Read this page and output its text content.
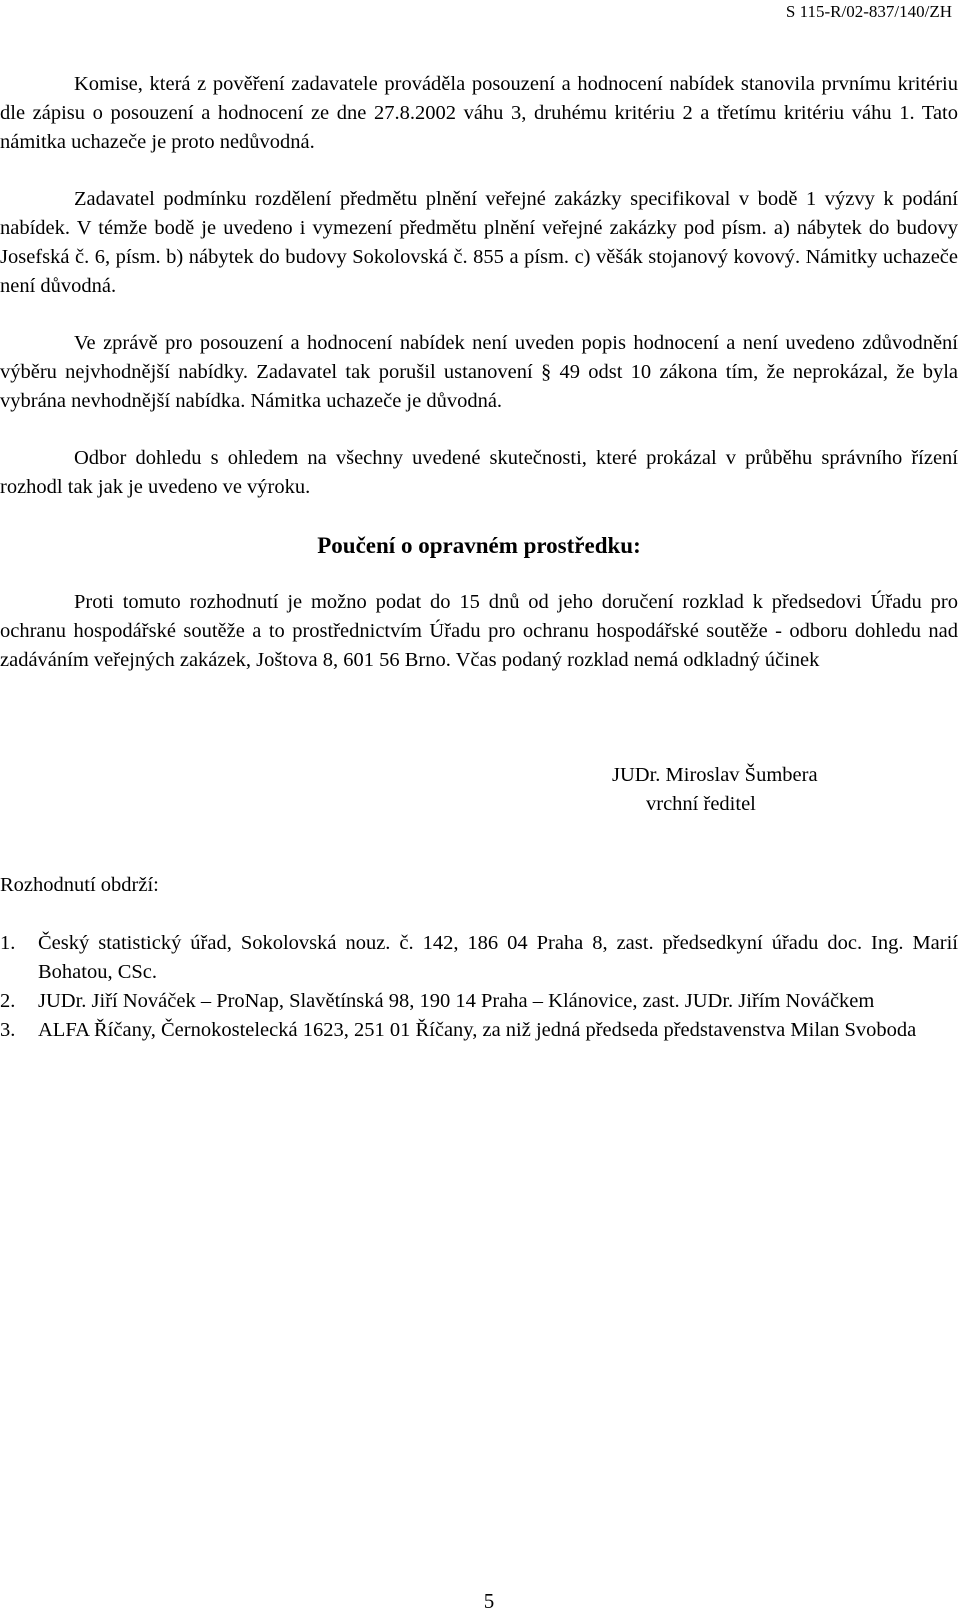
S 115-R/02-837/140/ZH

Komise, která z pověření zadavatele prováděla posouzení a hodnocení nabídek stanovila prvnímu kritériu dle zápisu o posouzení a hodnocení ze dne 27.8.2002 váhu 3, druhému kritériu 2 a třetímu kritériu váhu 1. Tato námitka uchazeče je proto nedůvodná.

Zadavatel podmínku rozdělení předmětu plnění veřejné zakázky specifikoval v bodě 1 výzvy k podání nabídek. V témže bodě je uvedeno i vymezení předmětu plnění veřejné zakázky pod písm. a) nábytek do budovy Josefská č. 6, písm. b) nábytek do budovy Sokolovská č. 855 a písm. c) věšák stojanový kovový. Námitky uchazeče není důvodná.

Ve zprávě pro posouzení a hodnocení nabídek není uveden popis hodnocení a není uvedeno zdůvodnění výběru nejvhodnější nabídky. Zadavatel tak porušil ustanovení § 49 odst 10 zákona tím, že neprokázal, že byla vybrána nevhodnější nabídka. Námitka uchazeče je důvodná.

Odbor dohledu s ohledem na všechny uvedené skutečnosti, které prokázal v průběhu správního řízení rozhodl tak jak je uvedeno ve výroku.

Poučení o opravném prostředku:

Proti tomuto rozhodnutí je možno podat do 15 dnů od jeho doručení rozklad k předsedovi Úřadu pro ochranu hospodářské soutěže a to prostřednictvím Úřadu pro ochranu hospodářské soutěže - odboru dohledu nad zadáváním veřejných zakázek, Joštova 8, 601 56 Brno. Včas podaný rozklad nemá odkladný účinek

JUDr. Miroslav Šumbera
vrchní ředitel

Rozhodnutí obdrží:

1.	Český statistický úřad, Sokolovská nouz. č. 142, 186 04 Praha 8, zast. předsedkyní úřadu doc. Ing. Marií Bohatou, CSc.
2.	JUDr. Jiří Nováček – ProNap, Slavětínská 98, 190 14 Praha – Klánovice, zast. JUDr. Jiřím Nováčkem
3.	ALFA Říčany, Černokostelecká 1623, 251 01 Říčany, za niž jedná předseda představenstva Milan Svoboda
5
